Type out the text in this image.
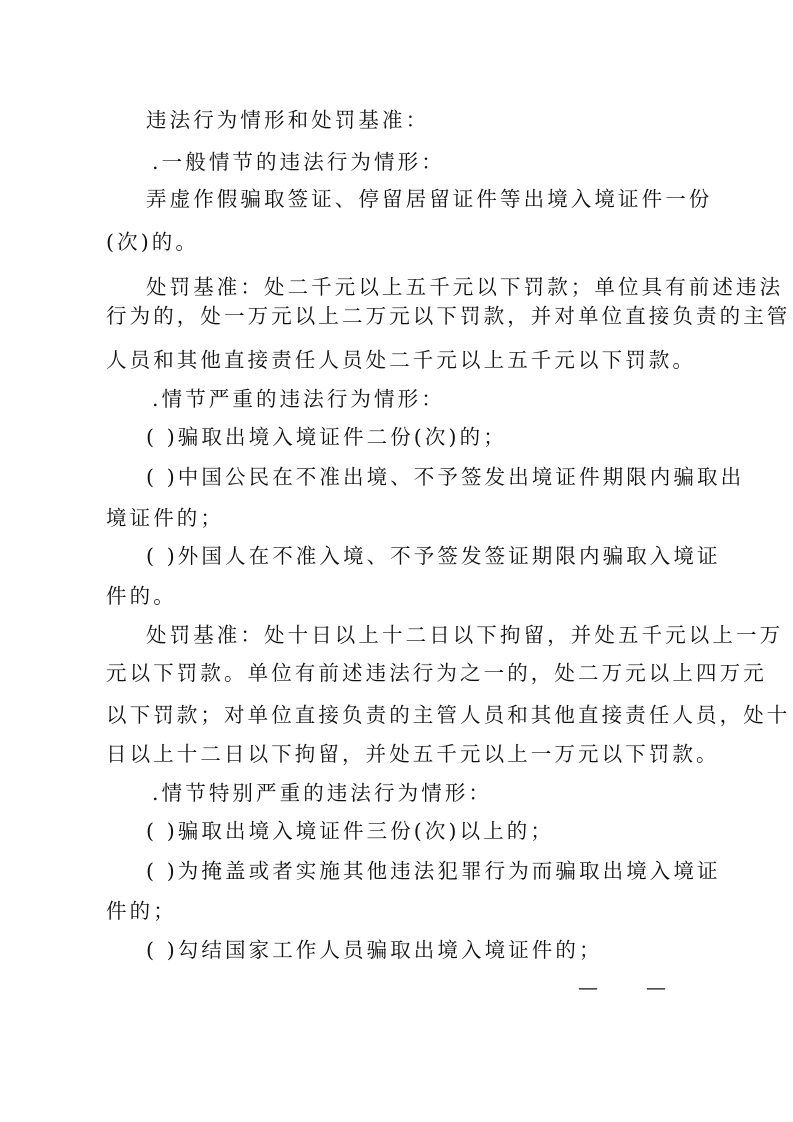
违法行为情形和处罚基准：
.一般情节的违法行为情形：
弄虚作假骗取签证、停留居留证件等出境入境证件一份
(次)的。
处罚基准：处二千元以上五千元以下罚款；单位具有前述违法
行为的，处一万元以上二万元以下罚款，并对单位直接负责的主管
人员和其他直接责任人员处二千元以上五千元以下罚款。
.情节严重的违法行为情形：
( )骗取出境入境证件二份(次)的；
( )中国公民在不准出境、不予签发出境证件期限内骗取出
境证件的；
( )外国人在不准入境、不予签发签证期限内骗取入境证
件的。
处罚基准：处十日以上十二日以下拘留，并处五千元以上一万
元以下罚款。单位有前述违法行为之一的，处二万元以上四万元
以下罚款；对单位直接负责的主管人员和其他直接责任人员，处十
日以上十二日以下拘留，并处五千元以上一万元以下罚款。
.情节特别严重的违法行为情形：
( )骗取出境入境证件三份(次)以上的；
( )为掩盖或者实施其他违法犯罪行为而骗取出境入境证
件的；
( )勾结国家工作人员骗取出境入境证件的；
— —
